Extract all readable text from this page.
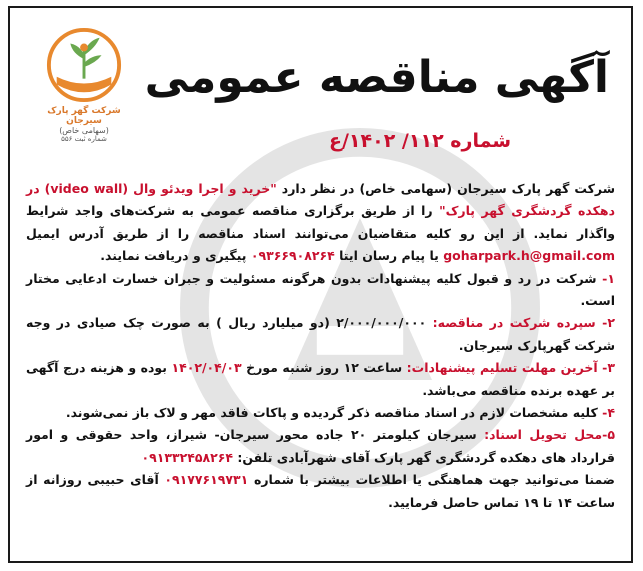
شرکت گهر پارک سیرجان
(سهامی خاص)
شماره ثبت ۵۵۶
آگهی مناقصه عمومی
شماره ۱۱۲/ ۱۴۰۲/ع

شرکت گهر پارک سیرجان (سهامی خاص) در نظر دارد "خرید و اجرا ویدئو وال (video wall) در دهکده گردشگری گهر پارک" را از طریق برگزاری مناقصه عمومی به شرکت‌های واجد شرایط واگذار نماید. از این رو کلیه متقاضیان می‌توانند اسناد مناقصه را از طریق آدرس ایمیل goharpark.h@gmail.com یا پیام رسان ایتا ۰۹۳۶۶۹۰۸۲۶۴ پیگیری و دریافت نمایند.

۱- شرکت در رد و قبول کلیه پیشنهادات بدون هرگونه مسئولیت و جبران خسارت ادعایی مختار است.

۲- سپرده شرکت در مناقصه: ۲/۰۰۰/۰۰۰/۰۰۰ (دو میلیارد ریال ) به صورت چک صیادی در وجه شرکت گهرپارک سیرجان.

۳- آخرین مهلت تسلیم پیشنهادات: ساعت ۱۲ روز شنبه مورخ ۱۴۰۲/۰۴/۰۳ بوده و هزینه درج آگهی بر عهده برنده مناقصه می‌باشد.

۴- کلیه مشخصات لازم در اسناد مناقصه ذکر گردیده و پاکات فاقد مهر و لاک باز نمی‌شوند.

۵-محل تحویل اسناد: سیرجان کیلومتر ۲۰ جاده محور سیرجان- شیراز، واحد حقوقی و امور قرارداد های دهکده گردشگری گهر پارک آقای شهرآبادی تلفن: ۰۹۱۳۳۲۴۵۸۲۶۴

ضمنا می‌توانید جهت هماهنگی یا اطلاعات بیشتر با شماره ۰۹۱۷۷۶۱۹۷۳۱ آقای حبیبی روزانه از ساعت ۱۴ تا ۱۹ تماس حاصل فرمایید.
